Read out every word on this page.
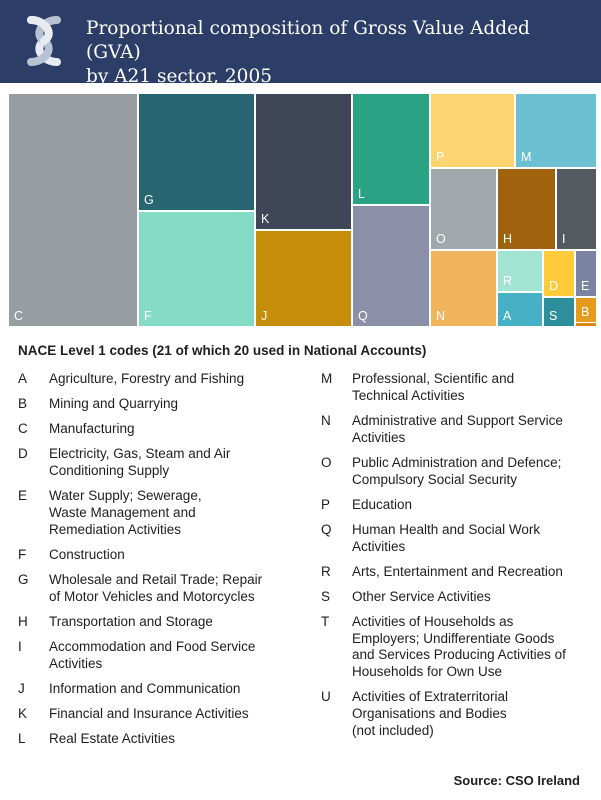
Proportional composition of Gross Value Added (GVA)
by A21 sector, 2005
C
G
F
K
J
L
Q
P	M
O	H	I
N
R
A
D E
S B
NACE Level 1 codes (21 of which 20 used in National Accounts)
A	Agriculture, Forestry and Fishing
B	Mining and Quarrying
C	Manufacturing
D	Electricity, Gas, Steam and Air
Conditioning Supply
E	Water Supply; Sewerage,
Waste Management and
Remediation Activities
F	Construction
G	Wholesale and Retail Trade; Repair
of Motor Vehicles and Motorcycles
H	Transportation and Storage
I	Accommodation and Food Service
Activities
J	Information and Communication
K	Financial and Insurance Activities
L	Real Estate Activities
M	Professional, Scientific and
Technical Activities
N	Administrative and Support Service
Activities
O	Public Administration and Defence;
Compulsory Social Security
P	Education
Q	Human Health and Social Work
Activities
R	Arts, Entertainment and Recreation
S	Other Service Activities
T	Activities of Households as
Employers; Undifferentiate Goods
and Services Producing Activities of
Households for Own Use
U	Activities of Extraterritorial
Organisations and Bodies
(not included)
Source: CSO Ireland
